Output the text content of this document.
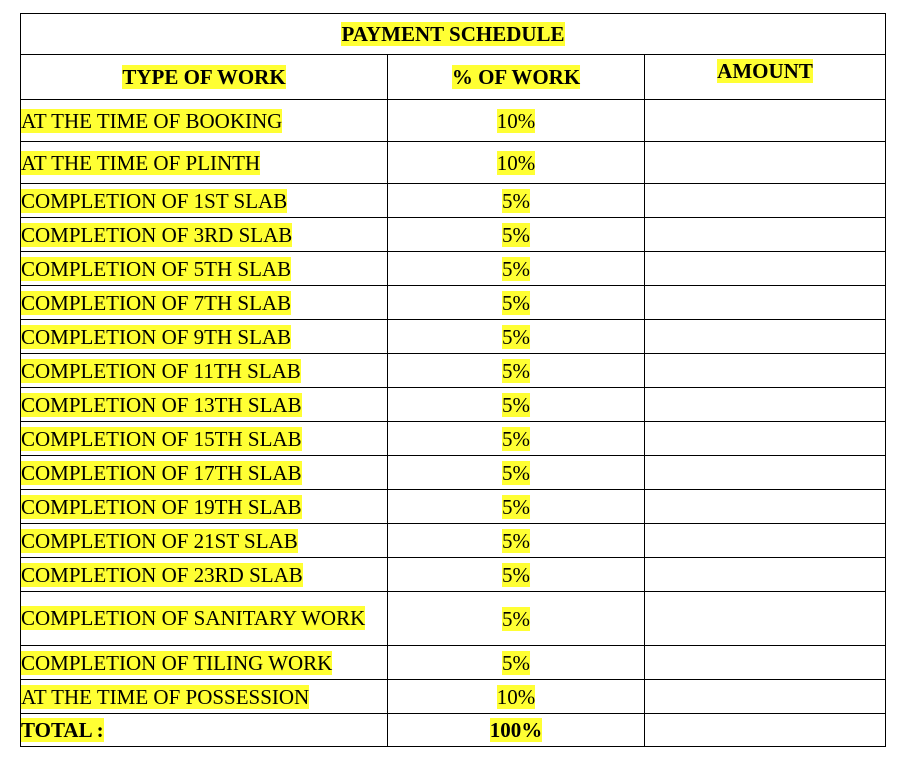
PAYMENT SCHEDULE		
TYPE OF WORK	% OF WORK	AMOUNT
AT THE TIME OF BOOKING	10%	
AT THE TIME OF PLINTH	10%	
COMPLETION OF 1ST SLAB	5%	
COMPLETION OF 3RD SLAB	5%	
COMPLETION OF 5TH SLAB	5%	
COMPLETION OF 7TH SLAB	5%	
COMPLETION OF 9TH SLAB	5%	
COMPLETION OF 11TH SLAB	5%	
COMPLETION OF 13TH SLAB	5%	
COMPLETION OF 15TH SLAB	5%	
COMPLETION OF 17TH SLAB	5%	
COMPLETION OF 19TH SLAB	5%	
COMPLETION OF 21ST SLAB	5%	
COMPLETION OF 23RD SLAB	5%	
COMPLETION OF SANITARY WORK	5%	
COMPLETION OF TILING WORK	5%	
AT THE TIME OF POSSESSION	10%	
TOTAL :	100%	
